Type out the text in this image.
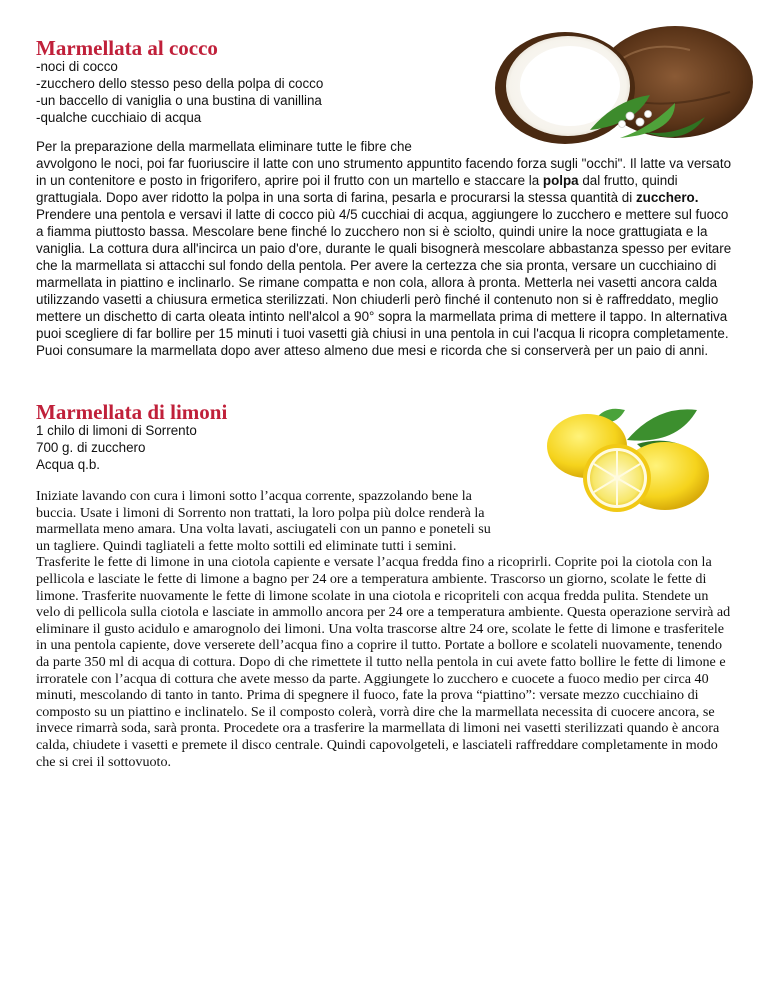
Marmellata al cocco
-noci di cocco
-zucchero dello stesso peso della polpa di cocco
-un baccello di vaniglia o una bustina di vanillina
-qualche cucchiaio di acqua
Per la preparazione della marmellata eliminare tutte le fibre che
avvolgono le noci, poi far fuoriuscire il latte con uno strumento appuntito facendo forza sugli "occhi". Il latte va versato
in un contenitore e posto in frigorifero, aprire poi il frutto con un martello e staccare la polpa dal frutto, quindi
grattugiala. Dopo aver ridotto la polpa in una sorta di farina, pesarla e procurarsi la stessa quantità di zucchero.
Prendere una pentola e versavi il latte di cocco più 4/5 cucchiai di acqua, aggiungere lo zucchero e mettere sul fuoco a fiamma piuttosto bassa. Mescolare bene finché lo zucchero non si è sciolto, quindi unire la noce grattugiata e la vaniglia. La cottura dura all'incirca un paio d'ore, durante le quali bisognerà mescolare abbastanza spesso per evitare che la marmellata si attacchi sul fondo della pentola. Per avere la certezza che sia pronta, versare un cucchiaino di marmellata in piattino e inclinarlo. Se rimane compatta e non cola, allora à pronta. Metterla nei vasetti ancora calda utilizzando vasetti a chiusura ermetica sterilizzati. Non chiuderli però finché il contenuto non si è raffreddato, meglio mettere un dischetto di carta oleata intinto nell'alcol a 90° sopra la marmellata prima di mettere il tappo. In alternativa puoi scegliere di far bollire per 15 minuti i tuoi vasetti già chiusi in una pentola in cui l'acqua li ricopra completamente. Puoi consumare la marmellata dopo aver atteso almeno due mesi e ricorda che si conserverà per un paio di anni.
Marmellata di limoni
1 chilo di limoni di Sorrento
700 g. di zucchero
Acqua q.b.
Iniziate lavando con cura i limoni sotto l’acqua corrente, spazzolando bene la
buccia. Usate i limoni di Sorrento non trattati, la loro polpa più dolce renderà la
marmellata meno amara. Una volta lavati, asciugateli con un panno e poneteli su
un tagliere. Quindi tagliateli a fette molto sottili ed eliminate tutti i semini.
Trasferite le fette di limone in una ciotola capiente e versate l’acqua fredda fino a ricoprirli. Coprite poi la ciotola con la pellicola e lasciate le fette di limone a bagno per 24 ore a temperatura ambiente. Trascorso un giorno, scolate le fette di limone. Trasferite nuovamente le fette di limone scolate in una ciotola e ricopriteli con acqua fredda pulita. Stendete un velo di pellicola sulla ciotola e lasciate in ammollo ancora per 24 ore a temperatura ambiente. Questa operazione servirà ad eliminare il gusto acidulo e amarognolo dei limoni. Una volta trascorse altre 24 ore, scolate le fette di limone e trasferitele in una pentola capiente, dove verserete dell’acqua fino a coprire il tutto. Portate a bollore e scolateli nuovamente, tenendo da parte 350 ml di acqua di cottura. Dopo di che rimettete il tutto nella pentola in cui avete fatto bollire le fette di limone e irroratele con l’acqua di cottura che avete messo da parte. Aggiungete lo zucchero e cuocete a fuoco medio per circa 40 minuti, mescolando di tanto in tanto. Prima di spegnere il fuoco, fate la prova “piattino”: versate mezzo cucchiaino di composto su un piattino e inclinatelo. Se il composto colerà, vorrà dire che la marmellata necessita di cuocere ancora, se invece rimarrà soda, sarà pronta. Procedete ora a trasferire la marmellata di limoni nei vasetti sterilizzati quando è ancora calda, chiudete i vasetti e premete il disco centrale. Quindi capovolgeteli, e lasciateli raffreddare completamente in modo che si crei il sottovuoto.
